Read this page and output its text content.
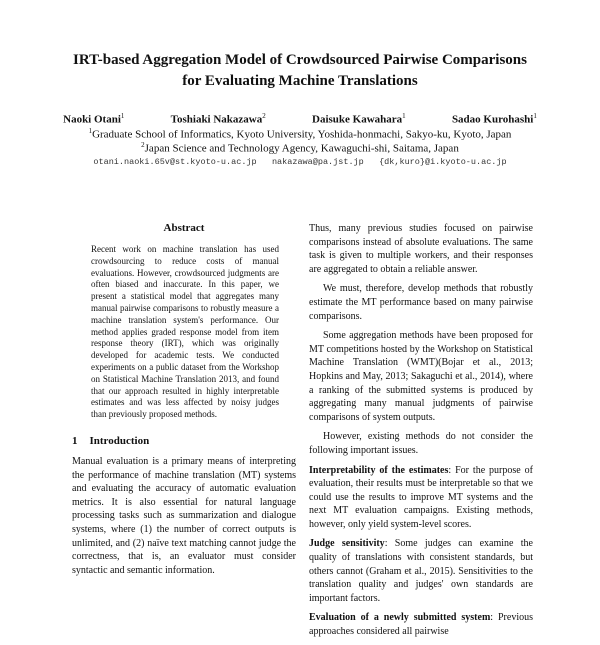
IRT-based Aggregation Model of Crowdsourced Pairwise Comparisons
for Evaluating Machine Translations
Naoki Otani$^1$	Toshiaki Nakazawa$^2$	Daisuke Kawahara$^1$	Sadao Kurohashi$^1$
$^1$Graduate School of Informatics, Kyoto University, Yoshida-honmachi, Sakyo-ku, Kyoto, Japan
$^2$Japan Science and Technology Agency, Kawaguchi-shi, Saitama, Japan
otani.naoki.65v@st.kyoto-u.ac.jp nakazawa@pa.jst.jp {dk,kuro}@i.kyoto-u.ac.jp
Abstract
Recent work on machine translation has used crowdsourcing to reduce costs of manual evaluations. However, crowdsourced judgments are often biased and inaccurate. In this paper, we present a statistical model that aggregates many manual pairwise comparisons to robustly measure a machine translation system's performance. Our method applies graded response model from item response theory (IRT), which was originally developed for academic tests. We conducted experiments on a public dataset from the Workshop on Statistical Machine Translation 2013, and found that our approach resulted in highly interpretable estimates and was less affected by noisy judges than previously proposed methods.
1 Introduction

Manual evaluation is a primary means of interpreting the performance of machine translation (MT) systems and evaluating the accuracy of automatic evaluation metrics. It is also essential for natural language processing tasks such as summarization and dialogue systems, where (1) the number of correct outputs is unlimited, and (2) naïve text matching cannot judge the correctness, that is, an evaluator must consider syntactic and semantic information.

Thus, many previous studies focused on pairwise comparisons instead of absolute evaluations. The same task is given to multiple workers, and their responses are aggregated to obtain a reliable answer.

We must, therefore, develop methods that robustly estimate the MT performance based on many pairwise comparisons.

Some aggregation methods have been proposed for MT competitions hosted by the Workshop on Statistical Machine Translation (WMT)(Bojar et al., 2013; Hopkins and May, 2013; Sakaguchi et al., 2014), where a ranking of the submitted systems is produced by aggregating many manual judgments of pairwise comparisons of system outputs.

However, existing methods do not consider the following important issues.

Interpretability of the estimates: For the purpose of evaluation, their results must be interpretable so that we could use the results to improve MT systems and the next MT evaluation campaigns. Existing methods, however, only yield system-level scores.

Judge sensitivity: Some judges can examine the quality of translations with consistent standards, but others cannot (Graham et al., 2015). Sensitivities to the translation quality and judges' own standards are important factors.

Evaluation of a newly submitted system: Previous approaches considered all pairwise
